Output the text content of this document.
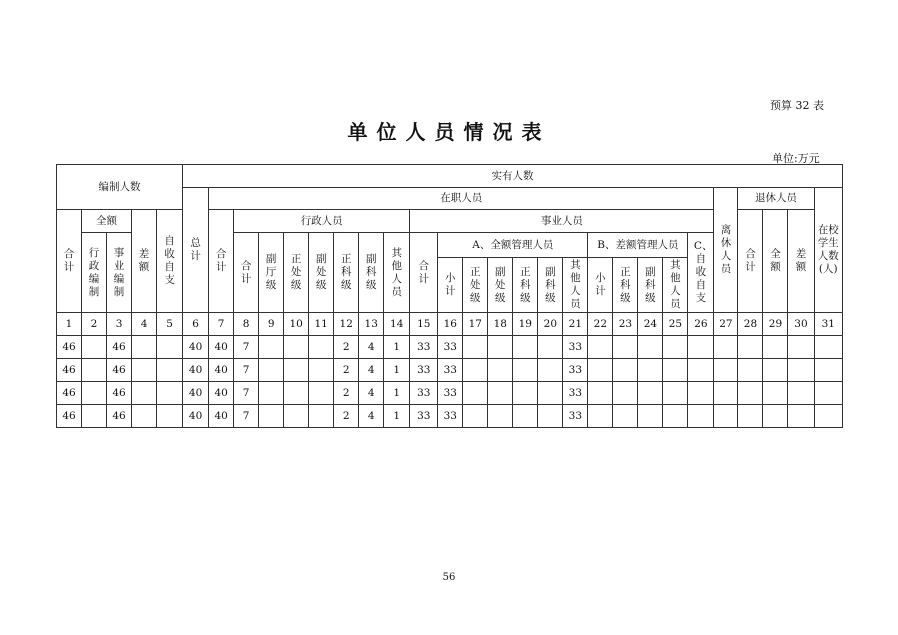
预算 32 表
单位人员情况表
单位:万元
编制人数					实有人数																									
					总计	在职人员																				离休人员	退休人员			在校学生人数(人)
合计	全额		差额	自收自支		合计	行政人员							事业人员													合计	全额	差额	
	行政编制	事业编制					合计	副厅级	正处级	副处级	正科级	副科级	其他人员	合计	A、全额管理人员						B、差额管理人员				C、自收自支					
															小计	正处级	副处级	正科级	副科级	其他人员	小计	正科级	副科级	其他人员						
1	2	3	4	5	6	7	8	9	10	11	12	13	14	15	16	17	18	19	20	21	22	23	24	25	26	27	28	29	30	31
46		46			40	40	7				2	4	1	33	33					33										
46		46			40	40	7				2	4	1	33	33					33										
46		46			40	40	7				2	4	1	33	33					33										
46		46			40	40	7				2	4	1	33	33					33										
56
